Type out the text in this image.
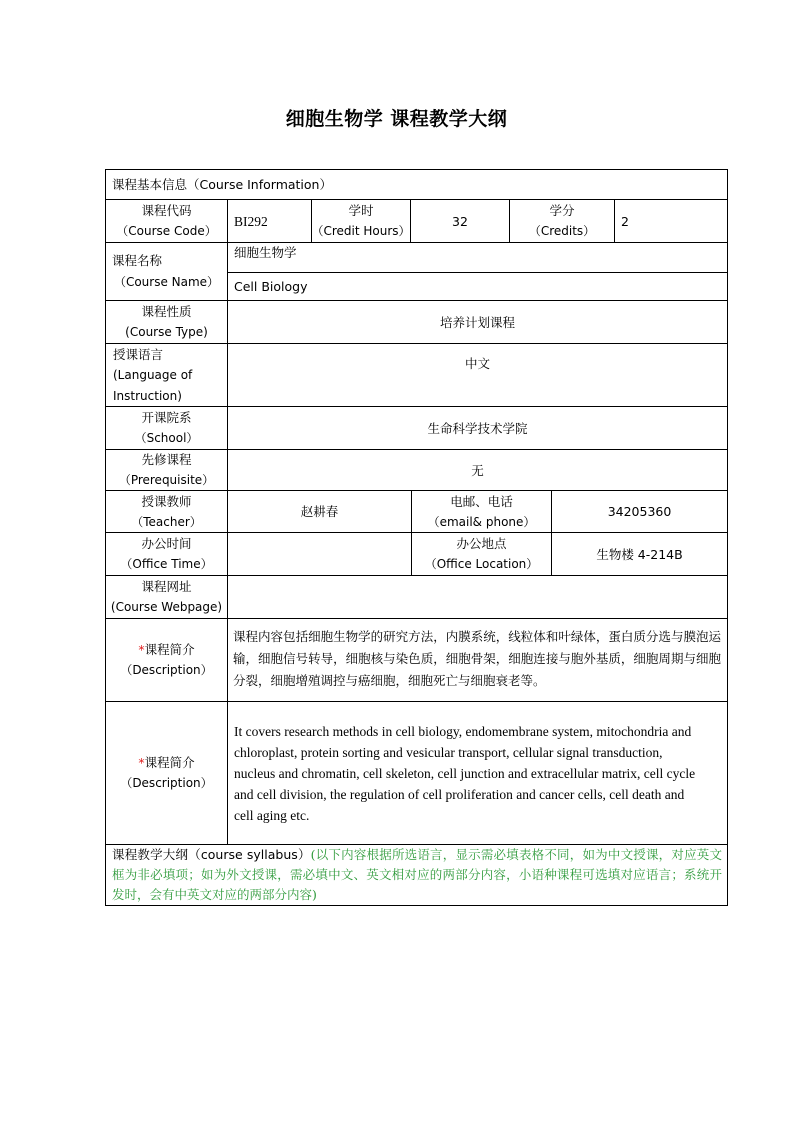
细胞生物学 课程教学大纲
课程基本信息（Course Information）
课程代码
（Course Code）
BI292
学时
（Credit Hours）
32
学分
（Credits）
2
课程名称
（Course Name）
细胞生物学
Cell Biology
课程性质
(Course Type)
培养计划课程
授课语言
(Language of
Instruction)
中文
开课院系
（School）
生命科学技术学院
先修课程
（Prerequisite）
无
授课教师
（Teacher）
赵耕春
电邮、电话
（email& phone）
34205360
办公时间
（Office Time）
办公地点
（Office Location）
生物楼 4-214B
课程网址
(Course Webpage)
*课程简介
（Description）
课程内容包括细胞生物学的研究方法，内膜系统，线粒体和叶绿体，蛋白质分选与膜泡运输，细胞信号转导，细胞核与染色质，细胞骨架，细胞连接与胞外基质，细胞周期与细胞分裂，细胞增殖调控与癌细胞，细胞死亡与细胞衰老等。
*课程简介
（Description）
It covers research methods in cell biology, endomembrane system, mitochondria and
chloroplast, protein sorting and vesicular transport, cellular signal transduction,
nucleus and chromatin, cell skeleton, cell junction and extracellular matrix, cell cycle
and cell division, the regulation of cell proliferation and cancer cells, cell death and
cell aging etc.
课程教学大纲（course syllabus）(以下内容根据所选语言，显示需必填表格不同，如为中文授课，对应英文框为非必填项；如为外文授课，需必填中文、英文相对应的两部分内容，小语种课程可选填对应语言；系统开发时，会有中英文对应的两部分内容)
